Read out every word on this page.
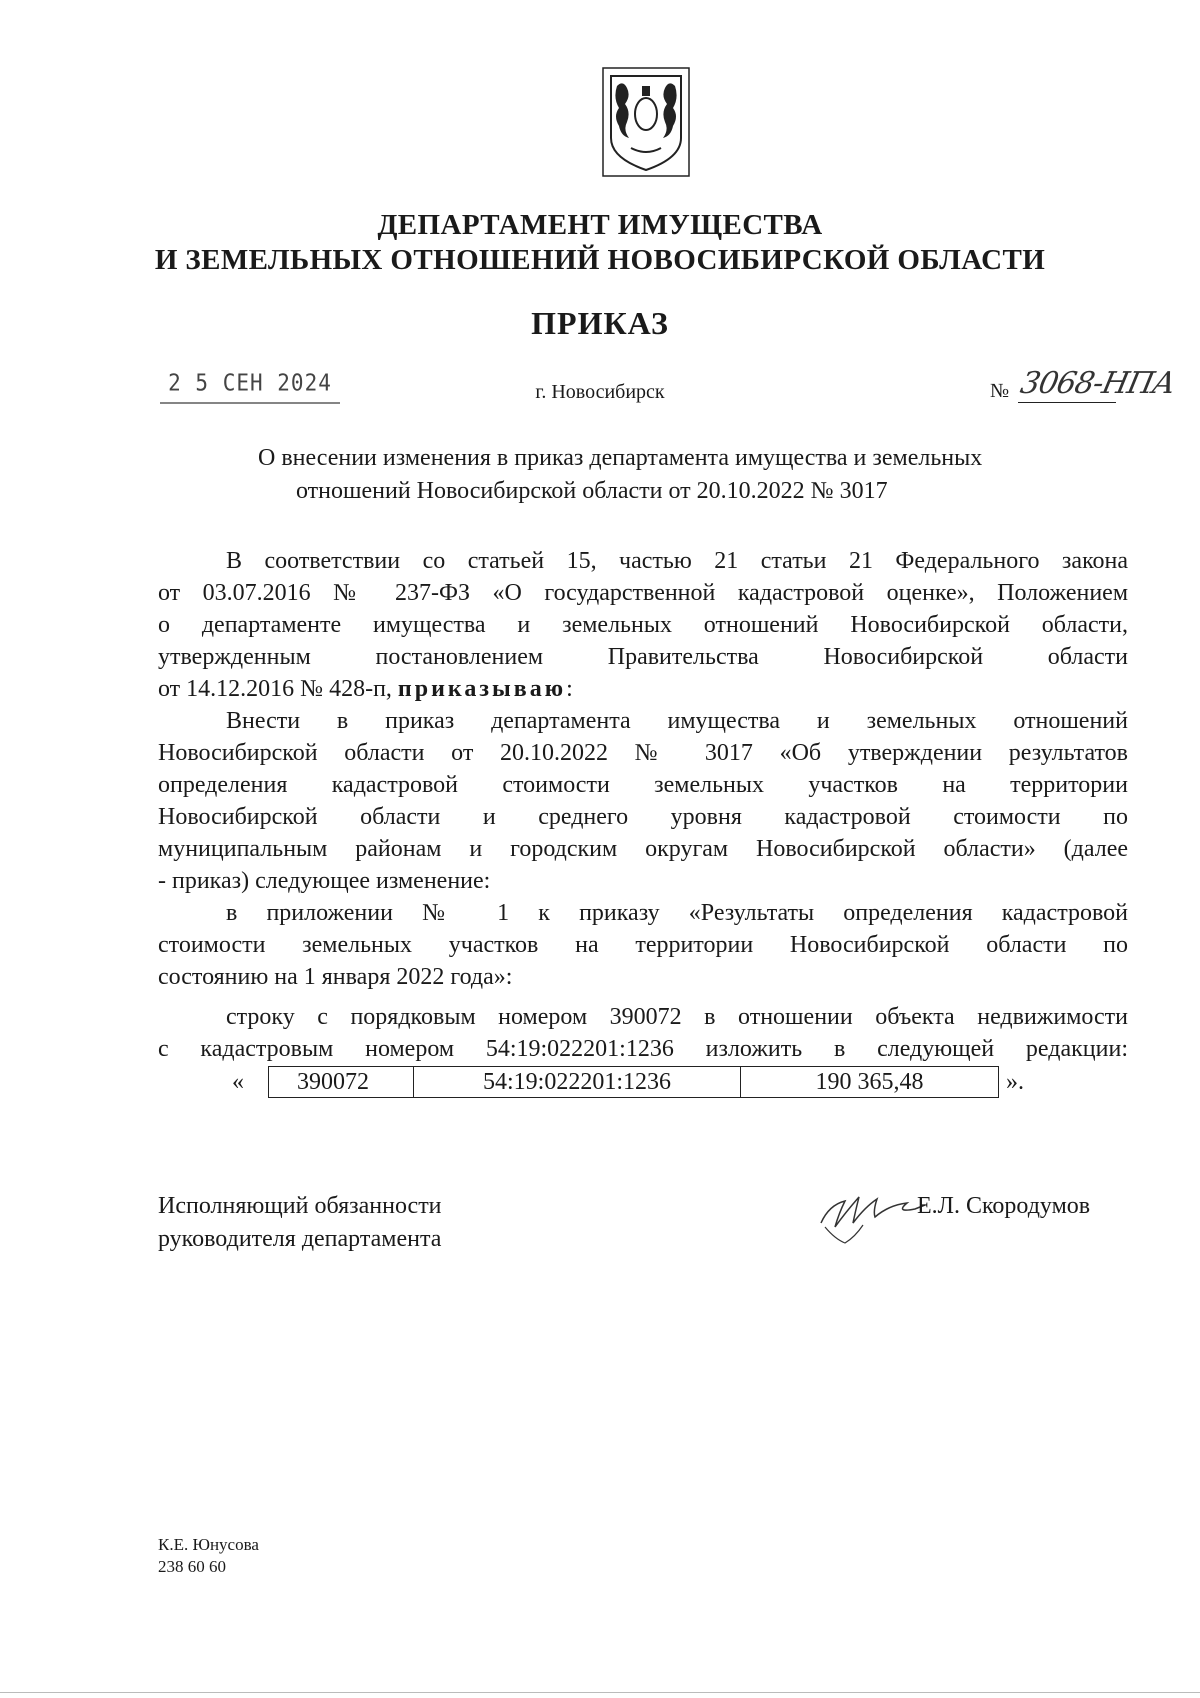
ДЕПАРТАМЕНТ ИМУЩЕСТВА
И ЗЕМЕЛЬНЫХ ОТНОШЕНИЙ НОВОСИБИРСКОЙ ОБЛАСТИ
ПРИКАЗ
2 5 СЕН 2024	г. Новосибирск	№ 3068-НПА
О внесении изменения в приказ департамента имущества и земельных
отношений Новосибирской области от 20.10.2022 № 3017
В соответствии со статьей 15, частью 21 статьи 21 Федерального закона
от 03.07.2016 № 237-ФЗ «О государственной кадастровой оценке», Положением
о департаменте имущества и земельных отношений Новосибирской области,
утвержденным постановлением Правительства Новосибирской области
от 14.12.2016 № 428-п, приказываю:
Внести в приказ департамента имущества и земельных отношений
Новосибирской области от 20.10.2022 № 3017 «Об утверждении результатов
определения кадастровой стоимости земельных участков на территории
Новосибирской области и среднего уровня кадастровой стоимости по
муниципальным районам и городским округам Новосибирской области» (далее
- приказ) следующее изменение:
в приложении № 1 к приказу «Результаты определения кадастровой
стоимости земельных участков на территории Новосибирской области по
состоянию на 1 января 2022 года»:
строку с порядковым номером 390072 в отношении объекта недвижимости
с кадастровым номером 54:19:022201:1236 изложить в следующей редакции:
« 390072	54:19:022201:1236	190 365,48	».
Исполняющий обязанности
руководителя департамента
Е.Л. Скородумов
К.Е. Юнусова
238 60 60
